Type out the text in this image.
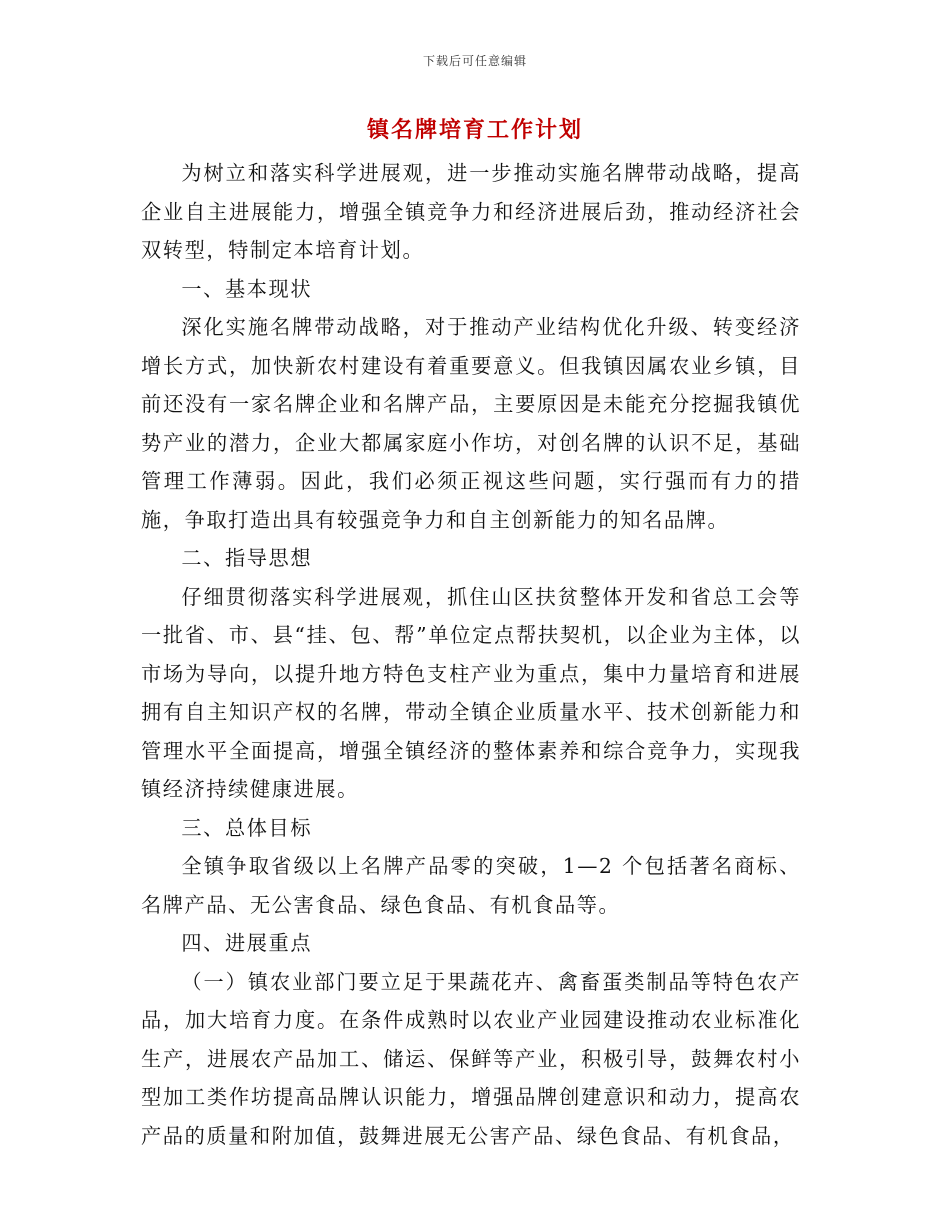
下载后可任意编辑
镇名牌培育工作计划

为树立和落实科学进展观，进一步推动实施名牌带动战略，提高企业自主进展能力，增强全镇竞争力和经济进展后劲，推动经济社会双转型，特制定本培育计划。

一、基本现状

深化实施名牌带动战略，对于推动产业结构优化升级、转变经济增长方式，加快新农村建设有着重要意义。但我镇因属农业乡镇，目前还没有一家名牌企业和名牌产品，主要原因是未能充分挖掘我镇优势产业的潜力，企业大都属家庭小作坊，对创名牌的认识不足，基础管理工作薄弱。因此，我们必须正视这些问题，实行强而有力的措施，争取打造出具有较强竞争力和自主创新能力的知名品牌。

二、指导思想

仔细贯彻落实科学进展观，抓住山区扶贫整体开发和省总工会等一批省、市、县“挂、包、帮”单位定点帮扶契机，以企业为主体，以市场为导向，以提升地方特色支柱产业为重点，集中力量培育和进展拥有自主知识产权的名牌，带动全镇企业质量水平、技术创新能力和管理水平全面提高，增强全镇经济的整体素养和综合竞争力，实现我镇经济持续健康进展。

三、总体目标

全镇争取省级以上名牌产品零的突破，1—2 个包括著名商标、名牌产品、无公害食品、绿色食品、有机食品等。

四、进展重点

（一）镇农业部门要立足于果蔬花卉、禽畜蛋类制品等特色农产品，加大培育力度。在条件成熟时以农业产业园建设推动农业标准化生产，进展农产品加工、储运、保鲜等产业，积极引导，鼓舞农村小型加工类作坊提高品牌认识能力，增强品牌创建意识和动力，提高农产品的质量和附加值，鼓舞进展无公害产品、绿色食品、有机食品，
